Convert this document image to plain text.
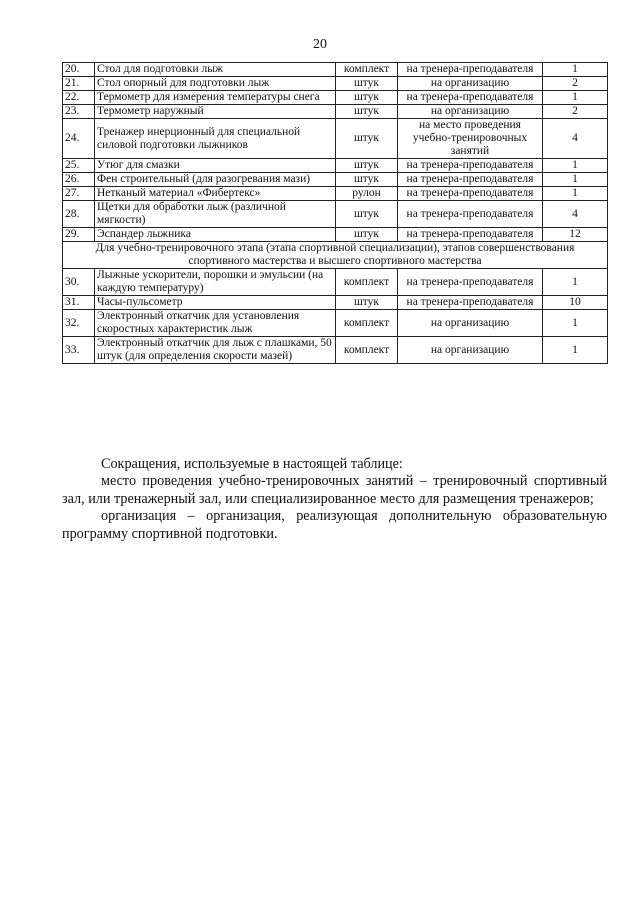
20
20.	Стол для подготовки лыж	комплект	на тренера-преподавателя	1
21.	Стол опорный для подготовки лыж	штук	на организацию	2
22.	Термометр для измерения температуры снега	штук	на тренера-преподавателя	1
23.	Термометр наружный	штук	на организацию	2
24.	Тренажер инерционный для специальной силовой подготовки лыжников	штук	на место проведения учебно-тренировочных занятий	4
25.	Утюг для смазки	штук	на тренера-преподавателя	1
26.	Фен строительный (для разогревания мази)	штук	на тренера-преподавателя	1
27.	Нетканый материал «Фибертекс»	рулон	на тренера-преподавателя	1
28.	Щетки для обработки лыж (различной мягкости)	штук	на тренера-преподавателя	4
29.	Эспандер лыжника	штук	на тренера-преподавателя	12
Для учебно-тренировочного этапа (этапа спортивной специализации), этапов совершенствования спортивного мастерства и высшего спортивного мастерства				
30.	Лыжные ускорители, порошки и эмульсии (на каждую температуру)	комплект	на тренера-преподавателя	1
31.	Часы-пульсометр	штук	на тренера-преподавателя	10
32.	Электронный откатчик для установления скоростных характеристик лыж	комплект	на организацию	1
33.	Электронный откатчик для лыж с плашками, 50 штук (для определения скорости мазей)	комплект	на организацию	1

Сокращения, используемые в настоящей таблице:

место проведения учебно-тренировочных занятий – тренировочный спортивный зал, или тренажерный зал, или специализированное место для размещения тренажеров;

организация – организация, реализующая дополнительную образовательную программу спортивной подготовки.
